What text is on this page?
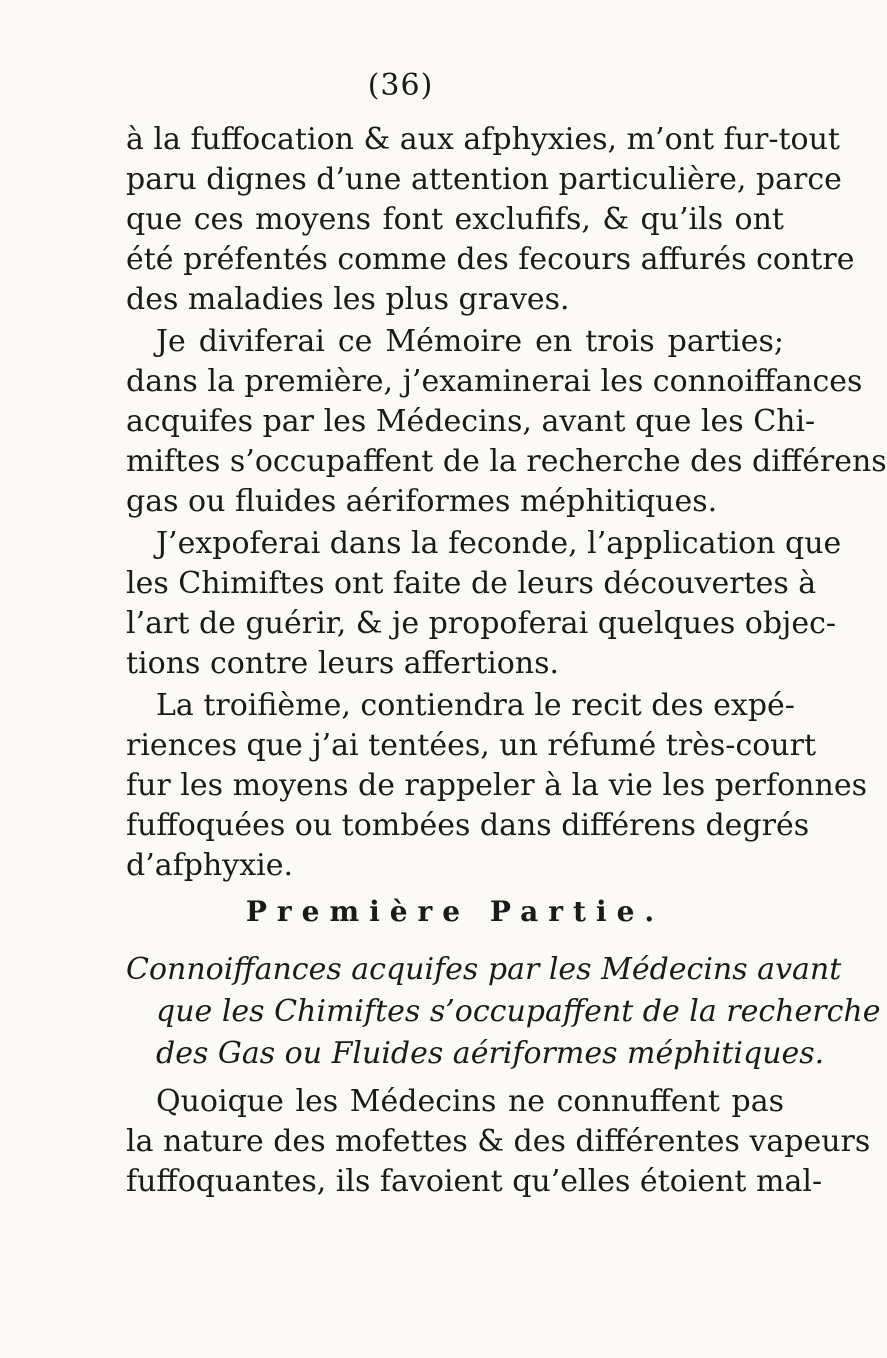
(36)
à la fuffocation & aux afphyxies, m’ont fur-tout
paru dignes d’une attention particulière, parce
que ces moyens font exclufifs, & qu’ils ont
été préfentés comme des fecours affurés contre
des maladies les plus graves.
Je diviferai ce Mémoire en trois parties;
dans la première, j’examinerai les connoiffances
acquifes par les Médecins, avant que les Chi-
miftes s’occupaffent de la recherche des différens
gas ou fluides aériformes méphitiques.
J’expoferai dans la feconde, l’application que
les Chimiftes ont faite de leurs découvertes à
l’art de guérir, & je propoferai quelques objec-
tions contre leurs affertions.
La troifième, contiendra le recit des expé-
riences que j’ai tentées, un réfumé très-court
fur les moyens de rappeler à la vie les perfonnes
fuffoquées ou tombées dans différens degrés
d’afphyxie.
Première Partie.
Connoiffances acquifes par les Médecins avant
que les Chimiftes s’occupaffent de la recherche
des Gas ou Fluides aériformes méphitiques.
Quoique les Médecins ne connuffent pas
la nature des mofettes & des différentes vapeurs
fuffoquantes, ils favoient qu’elles étoient mal-
